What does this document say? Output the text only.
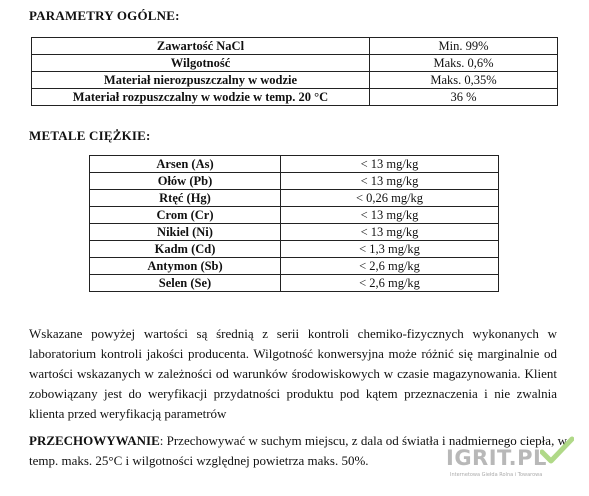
PARAMETRY OGÓLNE:
Zawartość NaCl	Min. 99%
Wilgotność	Maks. 0,6%
Materiał nierozpuszczalny w wodzie	Maks. 0,35%
Materiał rozpuszczalny w wodzie w temp. 20 °C	36 %
METALE CIĘŻKIE:
Arsen (As)	< 13 mg/kg
Ołów (Pb)	< 13 mg/kg
Rtęć (Hg)	< 0,26 mg/kg
Crom (Cr)	< 13 mg/kg
Nikiel (Ni)	< 13 mg/kg
Kadm (Cd)	< 1,3 mg/kg
Antymon (Sb)	< 2,6 mg/kg
Selen (Se)	< 2,6 mg/kg
Wskazane powyżej wartości są średnią z serii kontroli chemiko-fizycznych wykonanych w laboratorium kontroli jakości producenta. Wilgotność konwersyjna może różnić się marginalnie od wartości wskazanych w zależności od warunków środowiskowych w czasie magazynowania. Klient zobowiązany jest do weryfikacji przydatności produktu pod kątem przeznaczenia i nie zwalnia klienta przed weryfikacją parametrów
PRZECHOWYWANIE: Przechowywać w suchym miejscu, z dala od światła i nadmiernego ciepła, w temp. maks. 25°C i wilgotności względnej powietrza maks. 50%.	IGRIT.PL
Internetowa Giełda Rolna i Towarowa
